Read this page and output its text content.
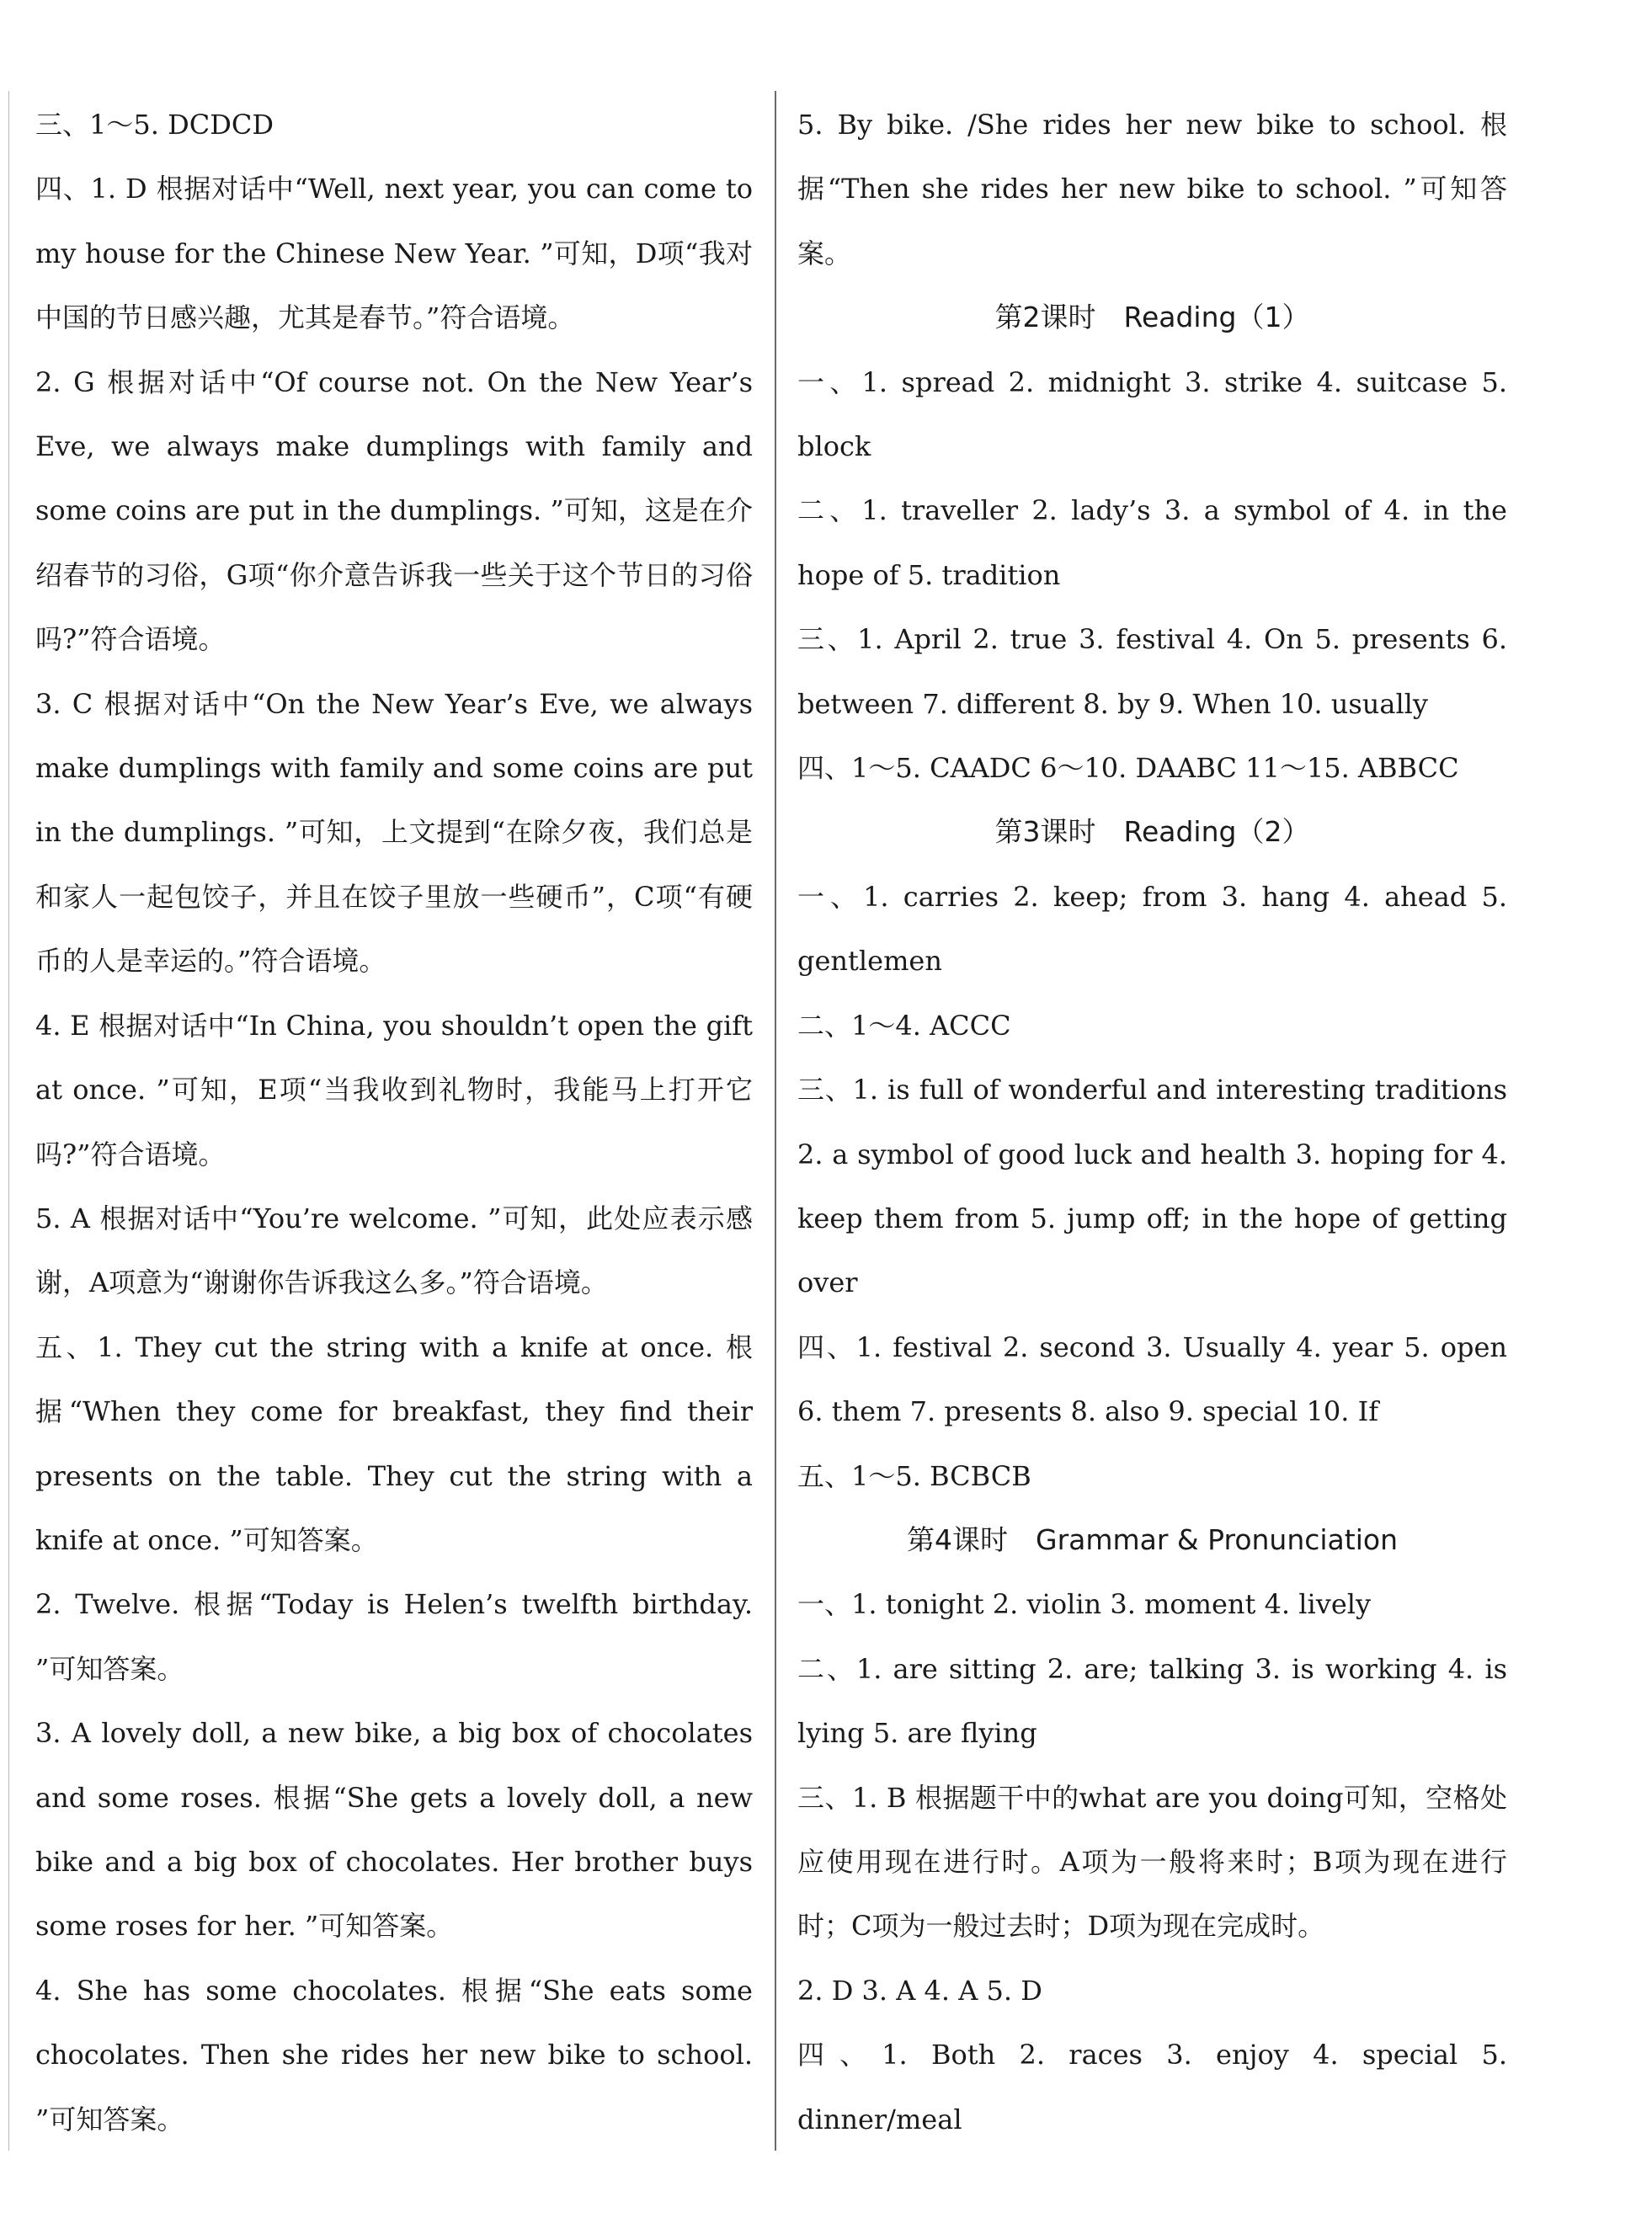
三、1～5. DCDCD

四、1. D 根据对话中“Well, next year, you can come to my house for the Chinese New Year. ”可知，D项“我对中国的节日感兴趣，尤其是春节。”符合语境。

2. G 根据对话中“Of course not. On the New Year’s Eve, we always make dumplings with family and some coins are put in the dumplings. ”可知，这是在介绍春节的习俗，G项“你介意告诉我一些关于这个节日的习俗吗?”符合语境。

3. C 根据对话中“On the New Year’s Eve, we always make dumplings with family and some coins are put in the dumplings. ”可知，上文提到“在除夕夜，我们总是和家人一起包饺子，并且在饺子里放一些硬币”，C项“有硬币的人是幸运的。”符合语境。

4. E 根据对话中“In China, you shouldn’t open the gift at once. ”可知，E项“当我收到礼物时，我能马上打开它吗?”符合语境。

5. A 根据对话中“You’re welcome. ”可知，此处应表示感谢，A项意为“谢谢你告诉我这么多。”符合语境。

五、1. They cut the string with a knife at once. 根据“When they come for breakfast, they find their presents on the table. They cut the string with a knife at once. ”可知答案。

2. Twelve. 根据“Today is Helen’s twelfth birthday. ”可知答案。

3. A lovely doll, a new bike, a big box of chocolates and some roses. 根据“She gets a lovely doll, a new bike and a big box of chocolates. Her brother buys some roses for her. ”可知答案。

4. She has some chocolates. 根据“She eats some chocolates. Then she rides her new bike to school. ”可知答案。

5. By bike. /She rides her new bike to school. 根据“Then she rides her new bike to school. ”可知答案。

第2课时　Reading（1）

一、1. spread 2. midnight 3. strike 4. suitcase 5. block

二、1. traveller 2. lady’s 3. a symbol of 4. in the hope of 5. tradition

三、1. April 2. true 3. festival 4. On 5. presents 6. between 7. different 8. by 9. When 10. usually

四、1～5. CAADC 6～10. DAABC 11～15. ABBCC

第3课时　Reading（2）

一、1. carries 2. keep; from 3. hang 4. ahead 5. gentlemen

二、1～4. ACCC

三、1. is full of wonderful and interesting traditions 2. a symbol of good luck and health 3. hoping for 4. keep them from 5. jump off; in the hope of getting over

四、1. festival 2. second 3. Usually 4. year 5. open 6. them 7. presents 8. also 9. special 10. If

五、1～5. BCBCB

第4课时　Grammar & Pronunciation

一、1. tonight 2. violin 3. moment 4. lively

二、1. are sitting 2. are; talking 3. is working 4. is lying 5. are flying

三、1. B 根据题干中的what are you doing可知，空格处应使用现在进行时。A项为一般将来时；B项为现在进行时；C项为一般过去时；D项为现在完成时。

2. D 3. A 4. A 5. D

四、1. Both 2. races 3. enjoy 4. special 5. dinner/meal
